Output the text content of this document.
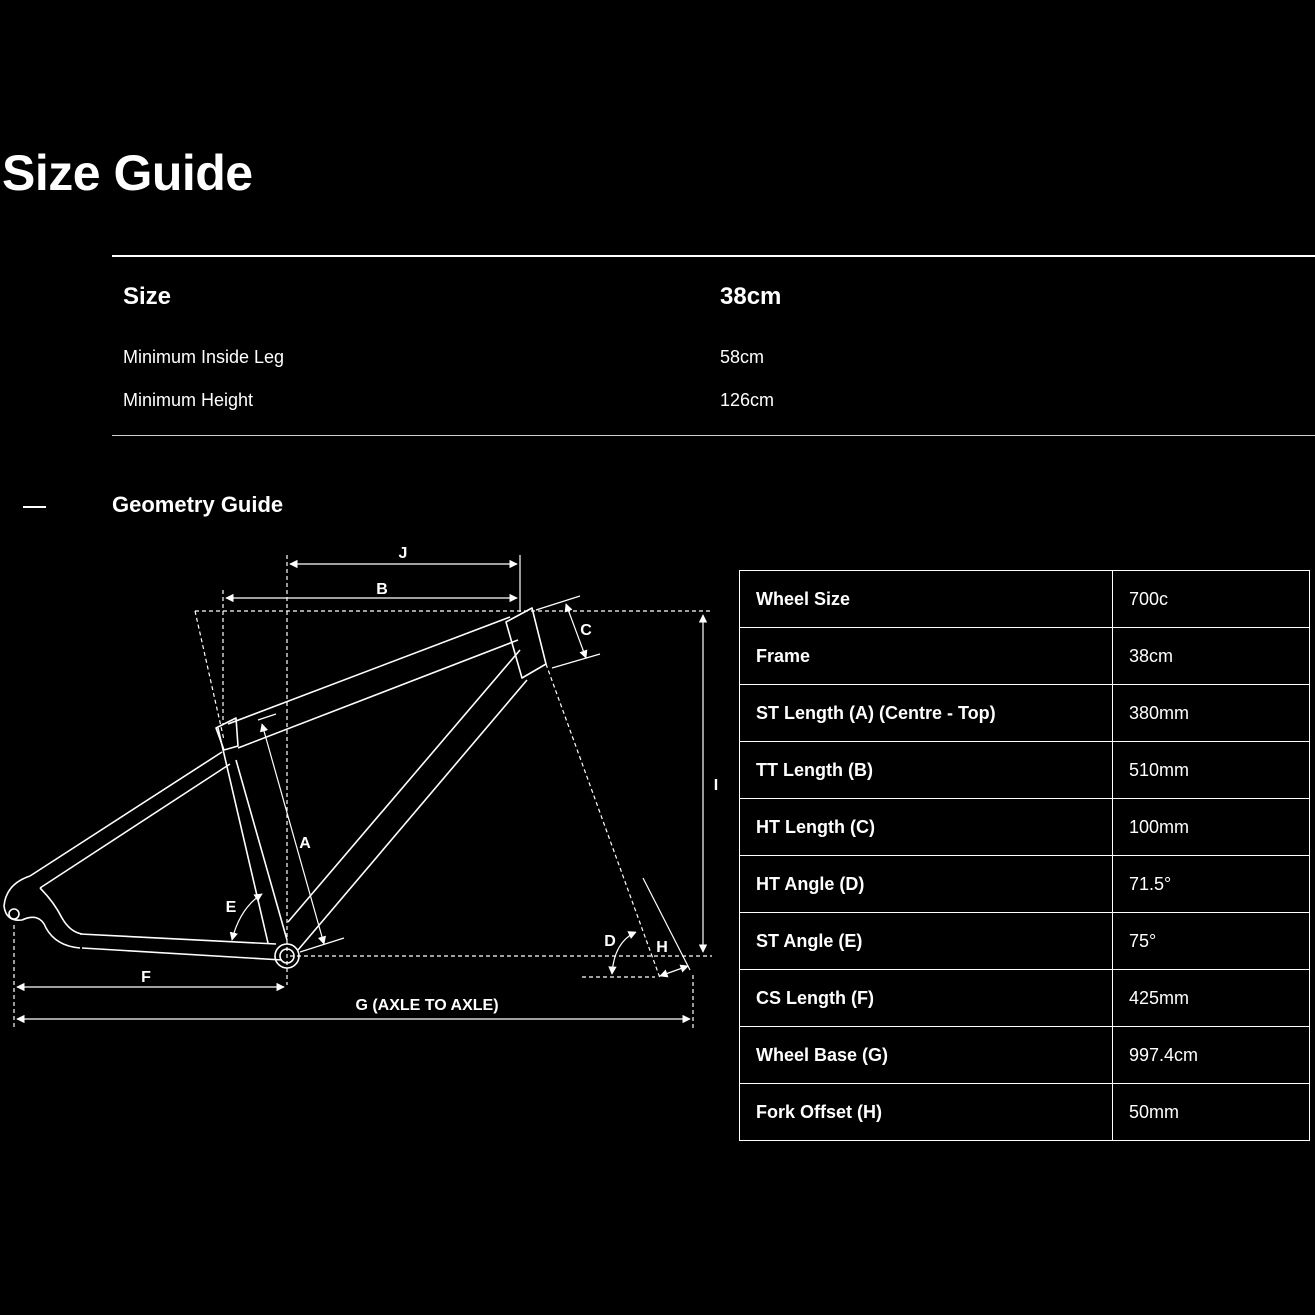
Size Guide
Size	38cm
Minimum Inside Leg	58cm
Minimum Height	126cm
Geometry Guide
J
B
C
I
A
E
D	H
F
G (AXLE TO AXLE)
Wheel Size	700c
Frame	38cm
ST Length (A) (Centre - Top)	380mm
TT Length (B)	510mm
HT Length (C)	100mm
HT Angle (D)	71.5°
ST Angle (E)	75°
CS Length (F)	425mm
Wheel Base (G)	997.4cm
Fork Offset (H)	50mm
